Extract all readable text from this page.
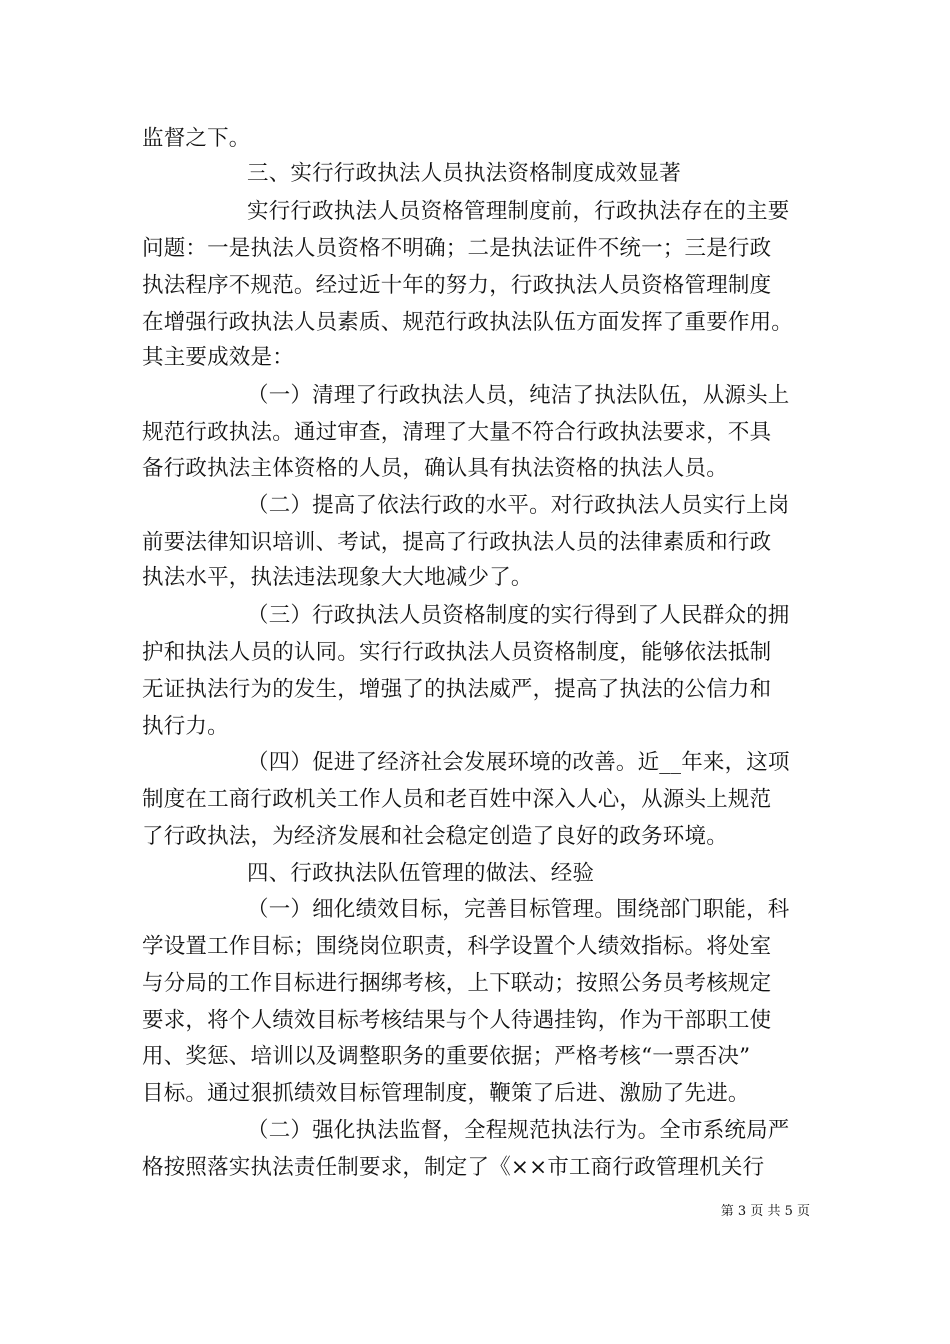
监督之下。
三、实行行政执法人员执法资格制度成效显著
实行行政执法人员资格管理制度前，行政执法存在的主要
问题：一是执法人员资格不明确；二是执法证件不统一；三是行政
执法程序不规范。经过近十年的努力，行政执法人员资格管理制度
在增强行政执法人员素质、规范行政执法队伍方面发挥了重要作用。
其主要成效是：
（一）清理了行政执法人员，纯洁了执法队伍，从源头上
规范行政执法。通过审查，清理了大量不符合行政执法要求，不具
备行政执法主体资格的人员，确认具有执法资格的执法人员。
（二）提高了依法行政的水平。对行政执法人员实行上岗
前要法律知识培训、考试，提高了行政执法人员的法律素质和行政
执法水平，执法违法现象大大地减少了。
（三）行政执法人员资格制度的实行得到了人民群众的拥
护和执法人员的认同。实行行政执法人员资格制度，能够依法抵制
无证执法行为的发生，增强了的执法威严，提高了执法的公信力和
执行力。
（四）促进了经济社会发展环境的改善。近__年来，这项
制度在工商行政机关工作人员和老百姓中深入人心，从源头上规范
了行政执法，为经济发展和社会稳定创造了良好的政务环境。
四、行政执法队伍管理的做法、经验
（一）细化绩效目标，完善目标管理。围绕部门职能，科
学设置工作目标；围绕岗位职责，科学设置个人绩效指标。将处室
与分局的工作目标进行捆绑考核，上下联动；按照公务员考核规定
要求，将个人绩效目标考核结果与个人待遇挂钩，作为干部职工使
用、奖惩、培训以及调整职务的重要依据；严格考核“一票否决”
目标。通过狠抓绩效目标管理制度，鞭策了后进、激励了先进。
（二）强化执法监督，全程规范执法行为。全市系统局严
格按照落实执法责任制要求，制定了《××市工商行政管理机关行
第 3 页 共 5 页
